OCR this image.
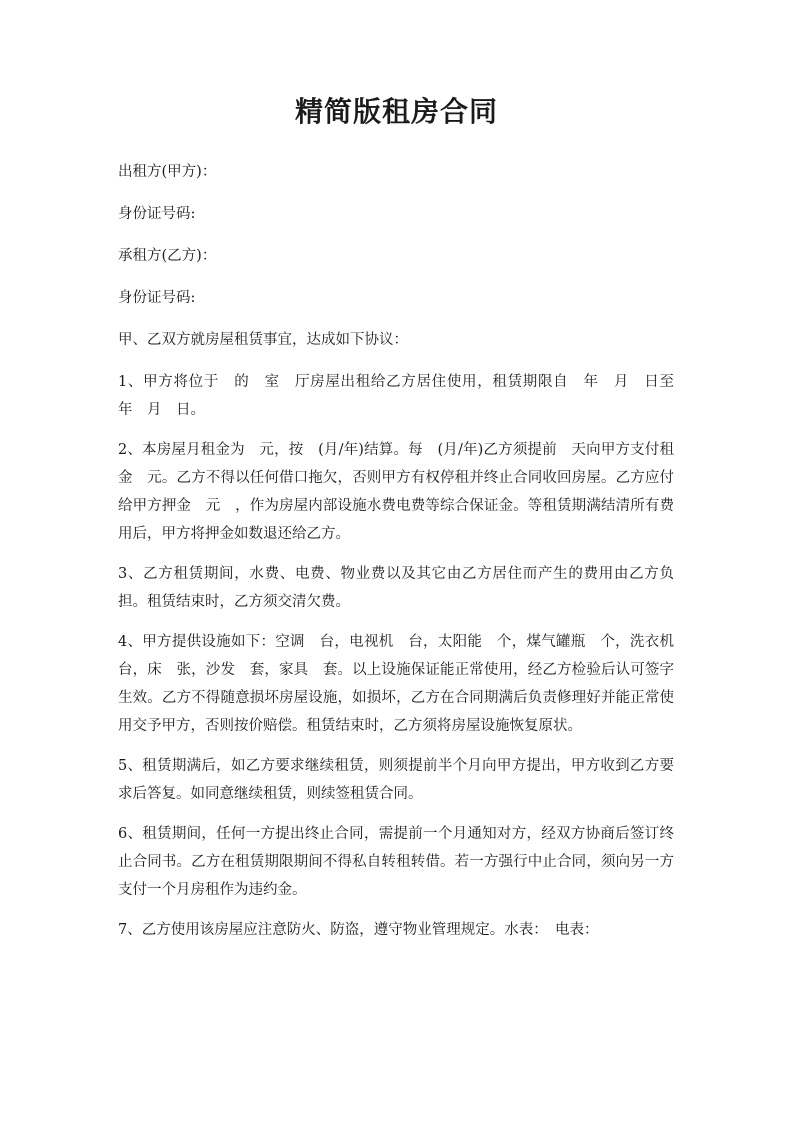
精简版租房合同

出租方(甲方)：

身份证号码:

承租方(乙方)：

身份证号码:

甲、乙双方就房屋租赁事宜，达成如下协议：

1、甲方将位于　的　室　厅房屋出租给乙方居住使用，租赁期限自　年　月　日至　年　月　日。

2、本房屋月租金为　元，按　(月/年)结算。每　(月/年)乙方须提前　天向甲方支付租金　元。乙方不得以任何借口拖欠，否则甲方有权停租并终止合同收回房屋。乙方应付给甲方押金　元　，作为房屋内部设施水费电费等综合保证金。等租赁期满结清所有费用后，甲方将押金如数退还给乙方。

3、乙方租赁期间，水费、电费、物业费以及其它由乙方居住而产生的费用由乙方负担。租赁结束时，乙方须交清欠费。

4、甲方提供设施如下：空调　台，电视机　台，太阳能　个，煤气罐瓶　个，洗衣机　台，床　张，沙发　套，家具　套。以上设施保证能正常使用，经乙方检验后认可签字生效。乙方不得随意损坏房屋设施，如损坏，乙方在合同期满后负责修理好并能正常使用交予甲方，否则按价赔偿。租赁结束时，乙方须将房屋设施恢复原状。

5、租赁期满后，如乙方要求继续租赁，则须提前半个月向甲方提出，甲方收到乙方要求后答复。如同意继续租赁，则续签租赁合同。

6、租赁期间，任何一方提出终止合同，需提前一个月通知对方，经双方协商后签订终止合同书。乙方在租赁期限期间不得私自转租转借。若一方强行中止合同，须向另一方支付一个月房租作为违约金。

7、乙方使用该房屋应注意防火、防盗，遵守物业管理规定。水表：　电表：
